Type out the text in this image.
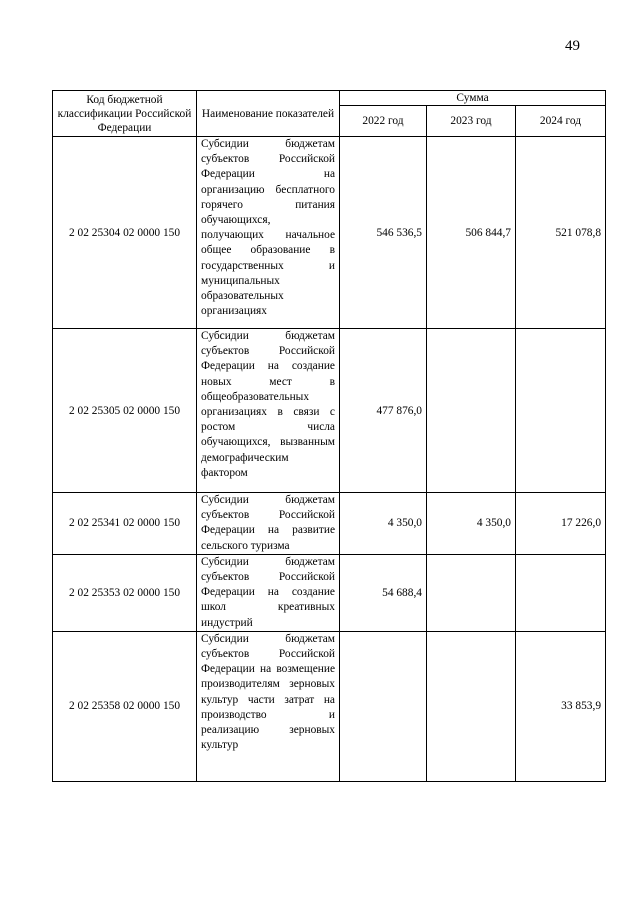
49
Код бюджетной классификации Российской Федерации	Наименование показателей	Сумма		
		2022 год	2023 год	2024 год
2 02 25304 02 0000 150	Субсидии бюджетам субъектов Российской Федерации на организацию бесплатного горячего питания обучающихся, получающих начальное общее образование в государственных и муниципальных образовательных организациях	546 536,5	506 844,7	521 078,8
2 02 25305 02 0000 150	Субсидии бюджетам субъектов Российской Федерации на создание новых мест в общеобразовательных организациях в связи с ростом числа обучающихся, вызванным демографическим фактором	477 876,0		
2 02 25341 02 0000 150	Субсидии бюджетам субъектов Российской Федерации на развитие сельского туризма	4 350,0	4 350,0	17 226,0
2 02 25353 02 0000 150	Субсидии бюджетам субъектов Российской Федерации на создание школ креативных индустрий	54 688,4		
2 02 25358 02 0000 150	Субсидии бюджетам субъектов Российской Федерации на возмещение производителям зерновых культур части затрат на производство и реализацию зерновых культур			33 853,9
